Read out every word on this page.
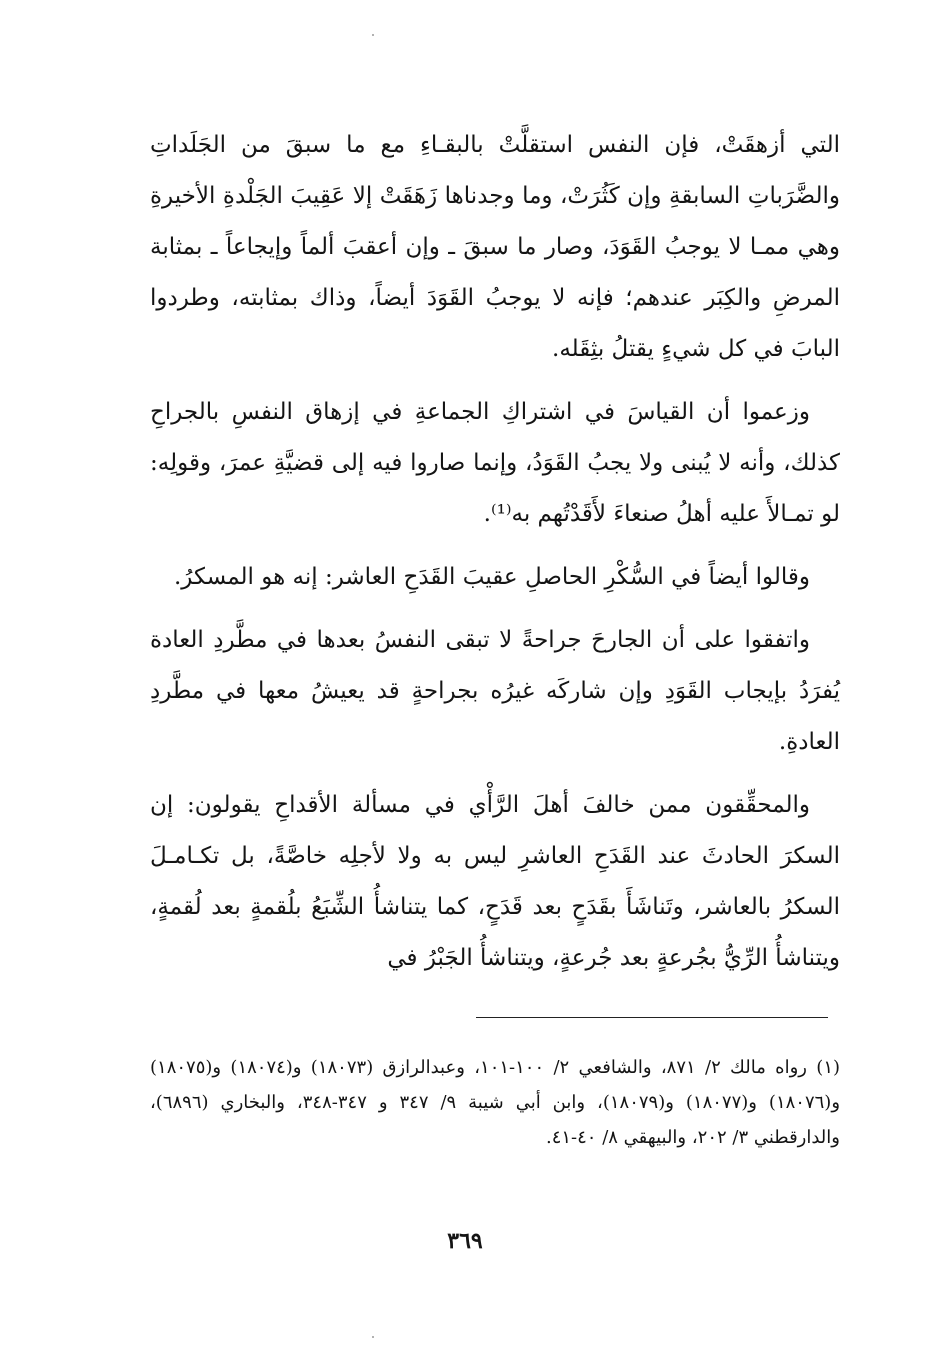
التي أزهقَتْ، فإن النفس استقلَّتْ بالبقـاءِ مع ما سبقَ من الجَلَداتِ والضَّرَباتِ السابقةِ وإن كَثُرَتْ، وما وجدناها زَهَقَتْ إلا عَقِيبَ الجَلْدةِ الأخيرةِ وهي ممـا لا يوجبُ القَوَدَ، وصار ما سبقَ ـ وإن أعقبَ ألماً وإيجاعاً ـ بمثابة المرضِ والكِبَر عندهم؛ فإنه لا يوجبُ القَوَدَ أيضاً، وذاك بمثابته، وطردوا البابَ في كل شيءٍ يقتلُ بثِقَله.

وزعموا أن القياسَ في اشتراكِ الجماعةِ في إزهاق النفسِ بالجراحِ كذلك، وأنه لا يُبنى ولا يجبُ القَوَدُ، وإنما صاروا فيه إلى قضيَّةِ عمرَ، وقولِه: لو تمـالأَ عليه أهلُ صنعاءَ لأَقَدْتُهم به⁽¹⁾.

وقالوا أيضاً في السُّكْرِ الحاصلِ عقيبَ القَدَحِ العاشر: إنه هو المسكرُ.

واتفقوا على أن الجارحَ جراحةً لا تبقى النفسُ بعدها في مطَّردِ العادة يُفرَدُ بإيجاب القَوَدِ وإن شاركَه غيرُه بجراحةٍ قد يعيشُ معها في مطَّردِ العادةِ.

والمحقِّقون ممن خالفَ أهلَ الرَّأْي في مسألة الأقداحِ يقولون: إن السكرَ الحادثَ عند القَدَحِ العاشرِ ليس به ولا لأجلِه خاصَّةً، بل تكـامـلَ السكرُ بالعاشر، وتَناشَأَ بقَدَحٍ بعد قَدَحٍ، كما يتناشأُ الشِّبَعُ بلُقمةٍ بعد لُقمةٍ، ويتناشأُ الرِّيُّ بجُرعةٍ بعد جُرعةٍ، ويتناشأُ الجَبْرُ في

(١) رواه مالك ٢/ ٨٧١، والشافعي ٢/ ١٠٠-١٠١، وعبدالرازق (١٨٠٧٣) و(١٨٠٧٤) و(١٨٠٧٥) و(١٨٠٧٦) و(١٨٠٧٧) و(١٨٠٧٩)، وابن أبي شيبة ٩/ ٣٤٧ و ٣٤٧-٣٤٨، والبخاري (٦٨٩٦)، والدارقطني ٣/ ٢٠٢، والبيهقي ٨/ ٤٠-٤١.
٣٦٩
